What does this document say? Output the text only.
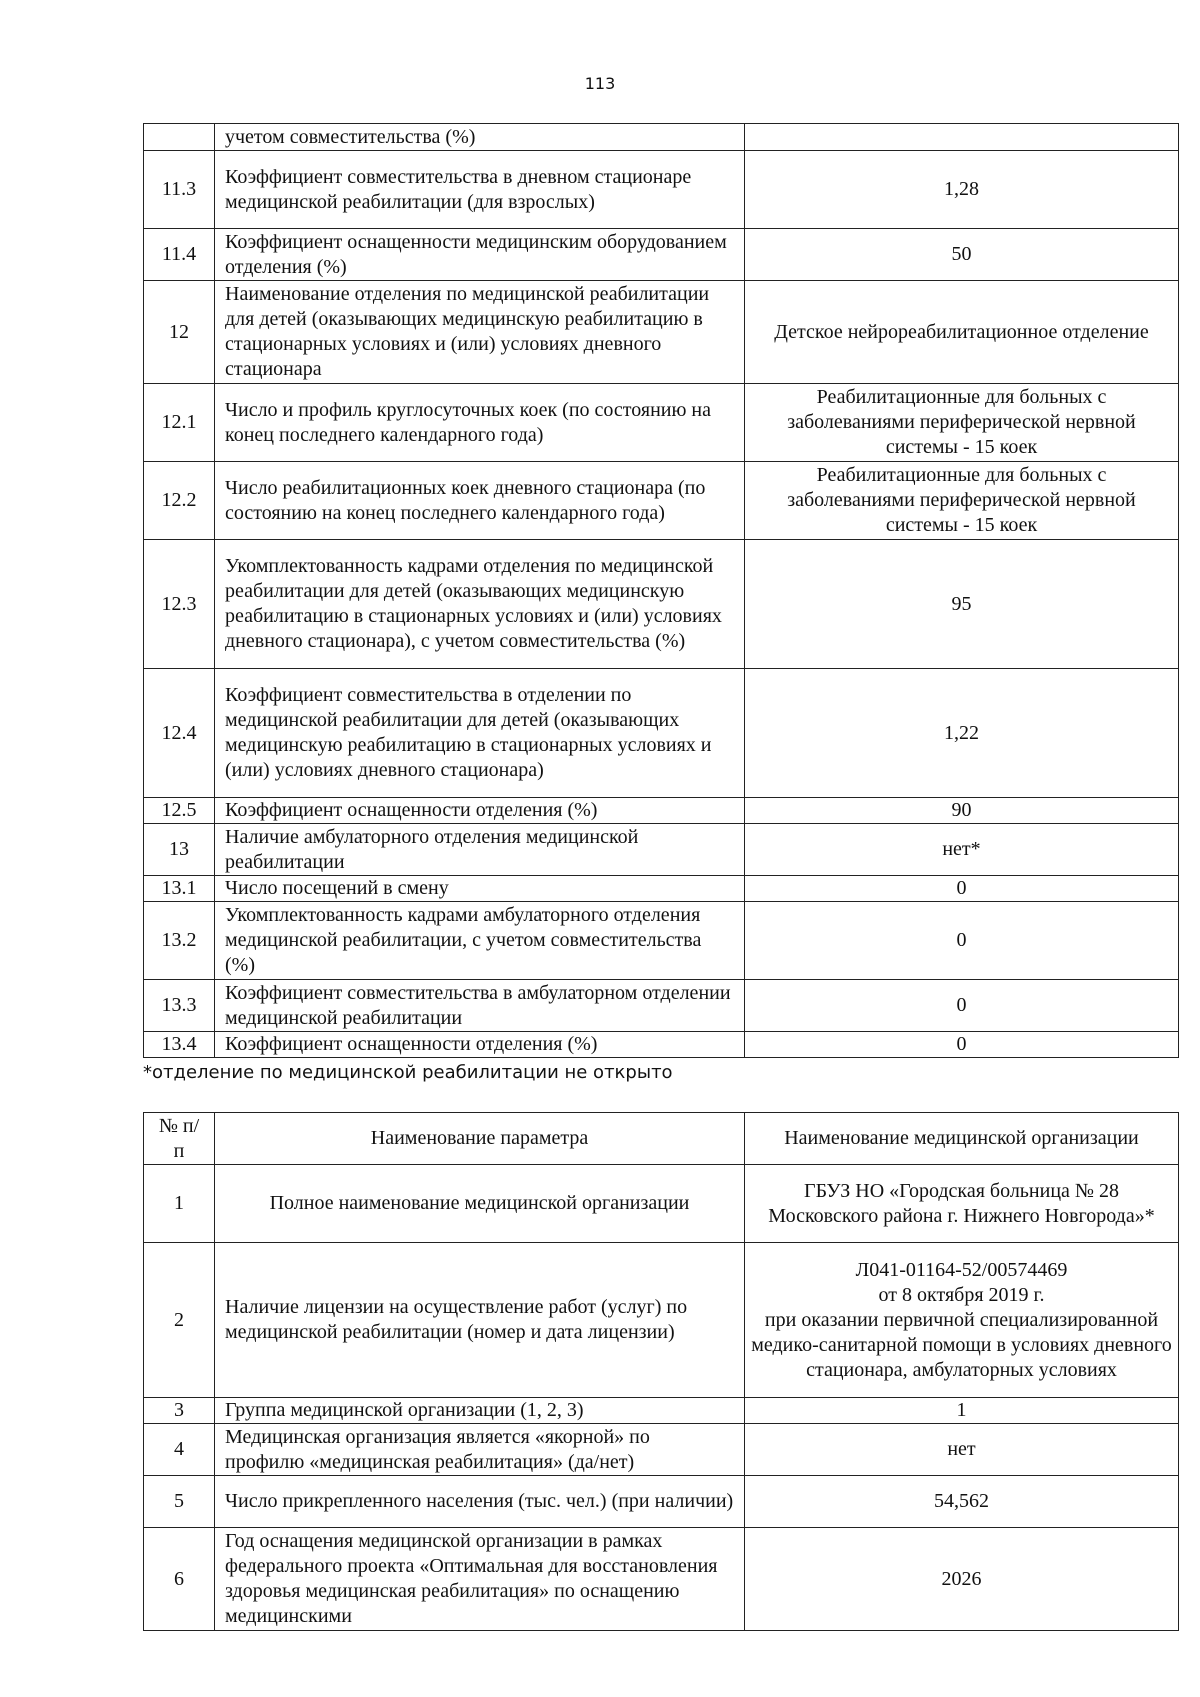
113
	учетом совместительства (%)	
11.3	Коэффициент совместительства в дневном стационаре медицинской реабилитации (для взрослых)	1,28
11.4	Коэффициент оснащенности медицинским оборудованием отделения (%)	50
12	Наименование отделения по медицинской реабилитации для детей (оказывающих медицинскую реабилитацию в стационарных условиях и (или) условиях дневного стационара	Детское нейрореабилитационное отделение
12.1	Число и профиль круглосуточных коек (по состоянию на конец последнего календарного года)	Реабилитационные для больных с заболеваниями периферической нервной системы - 15 коек
12.2	Число реабилитационных коек дневного стационара (по состоянию на конец последнего календарного года)	Реабилитационные для больных с заболеваниями периферической нервной системы - 15 коек
12.3	Укомплектованность кадрами отделения по медицинской реабилитации для детей (оказывающих медицинскую реабилитацию в стационарных условиях и (или) условиях дневного стационара), с учетом совместительства (%)	95
12.4	Коэффициент совместительства в отделении по медицинской реабилитации для детей (оказывающих медицинскую реабилитацию в стационарных условиях и (или) условиях дневного стационара)	1,22
12.5	Коэффициент оснащенности отделения (%)	90
13	Наличие амбулаторного отделения медицинской реабилитации	нет*
13.1	Число посещений в смену	0
13.2	Укомплектованность кадрами амбулаторного отделения медицинской реабилитации, с учетом совместительства (%)	0
13.3	Коэффициент совместительства в амбулаторном отделении медицинской реабилитации	0
13.4	Коэффициент оснащенности отделения (%)	0
*отделение по медицинской реабилитации не открыто
№ п/п	Наименование параметра	Наименование медицинской организации
1	Полное наименование медицинской организации	ГБУЗ НО «Городская больница № 28 Московского района г. Нижнего Новгорода»*
2	Наличие лицензии на осуществление работ (услуг) по медицинской реабилитации (номер и дата лицензии)	Л041-01164-52/00574469
от 8 октября 2019 г.
при оказании первичной специализированной медико-санитарной помощи в условиях дневного стационара, амбулаторных условиях

3	Группа медицинской организации (1, 2, 3)	1
4	Медицинская организация является «якорной» по профилю «медицинская реабилитация» (да/нет)	нет
5	Число прикрепленного населения (тыс. чел.) (при наличии)	54,562
6	Год оснащения медицинской организации в рамках федерального проекта «Оптимальная для восстановления здоровья медицинская реабилитация» по оснащению медицинскими	2026
